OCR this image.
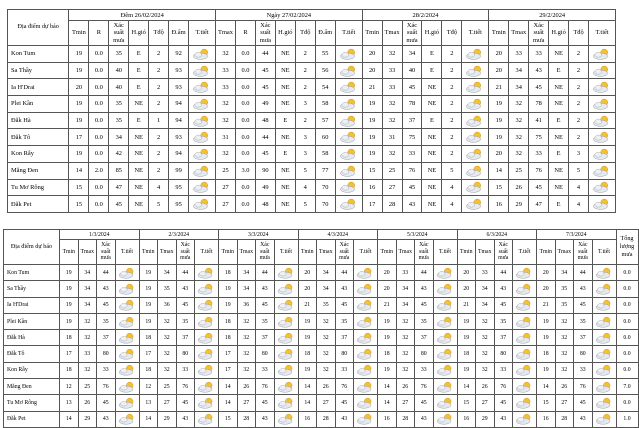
Địa điểm dự báo	Đêm 26/02/2024							Ngày 27/02/2024							28/2/2024						29/2/2024					
	Tmin	R	Xác suất mưa	H.gió	Tđộ	Đ.ẩm	T.tiết	Tmax	R	Xác suất mưa	H.gió	Tđộ	Đ.ẩm	T.tiết	Tmin	Tmax	Xác suất mưa	H.gió	Tđộ	T.tiết	Tmin	Tmax	Xác suất mưa	H.gió	Tđộ	T.tiết
Kon Tum	19	0.0	35	E	2	92		32	0.0	44	NE	2	55		20	32	34	E	2		20	33	33	NE	2	

Sa Thầy	19	0.0	40	E	2	93		33	0.0	45	NE	2	56		20	33	40	E	2		20	34	43	E	2	

Ia H'Drai	20	0.0	40	E	2	93		33	0.0	45	NE	2	54		21	33	45	NE	2		21	34	45	NE	2	

Plei Kần	19	0.0	35	NE	2	94		32	0.0	49	NE	3	58		19	32	78	NE	2		19	32	78	NE	2	

Đăk Hà	19	0.0	35	E	1	94		32	0.0	48	E	2	57		19	32	37	E	2		19	32	41	E	2	

Đăk Tô	17	0.0	34	NE	2	93		31	0.0	44	NE	3	60		19	31	75	NE	2		19	32	75	NE	2	

Kon Rẫy	19	0.0	42	NE	2	94		32	0.0	45	E	3	58		19	32	33	NE	2		20	32	33	E	3	

Măng Đen	14	2.0	85	NE	2	99		25	3.0	90	NE	5	77		15	25	76	NE	5		14	25	76	NE	5	

Tu Mơ Rông	15	0.0	47	NE	4	95		27	0.0	49	NE	4	70		16	27	45	NE	4		15	26	45	NE	4	

Đăk Pet	15	0.0	45	NE	5	95		27	0.0	48	NE	5	70		17	28	43	NE	4		16	29	47	E	4	
Địa điểm dự báo	1/3/2024				2/3/2024				3/3/2024				4/3/2024				5/3/2024				6/3/2024				7/3/2024				Tổng lượng mưa
	Tmin	Tmax	Xác suất mưa	T.tiết	Tmin	Tmax	Xác suất mưa	T.tiết	Tmin	Tmax	Xác suất mưa	T.tiết	Tmin	Tmax	Xác suất mưa	T.tiết	Tmin	Tmax	Xác suất mưa	T.tiết	Tmin	Tmax	Xác suất mưa	T.tiết	Tmin	Tmax	Xác suất mưa	T.tiết	
Kon Tum	19	34	44		19	34	44		18	34	44		20	34	44		20	33	44		20	33	44		20	34	44		0.0
Sa Thầy	19	34	43		19	35	43		19	34	43		20	34	43		20	34	43		20	34	43		20	35	43		0.0
Ia H'Drai	19	34	45		19	36	45		19	36	45		21	35	45		21	34	45		21	34	45		21	35	45		0.0
Plei Kần	19	32	35		19	32	35		18	32	35		19	32	35		19	32	35		19	32	35		19	32	35		0.0
Đăk Hà	18	32	37		18	32	37		18	32	37		19	32	37		19	32	37		19	32	37		19	32	37		0.0
Đăk Tô	17	33	80		17	32	80		17	32	80		18	32	80		18	32	80		18	32	80		18	32	80		0.0
Kon Rẫy	18	32	33		18	32	33		17	32	33		19	32	33		19	32	33		19	32	33		19	32	33		0.0
Măng Đen	12	25	76		12	25	76		14	26	76		14	26	76		14	26	76		14	26	76		14	26	76		7.0
Tu Mơ Rông	13	26	45		13	27	45		14	27	45		14	27	45		14	27	45		15	27	45		15	27	45		0.0
Đăk Pet	14	29	43		14	29	43		15	28	43		16	28	43		16	28	43		16	29	43		16	28	43		1.0
